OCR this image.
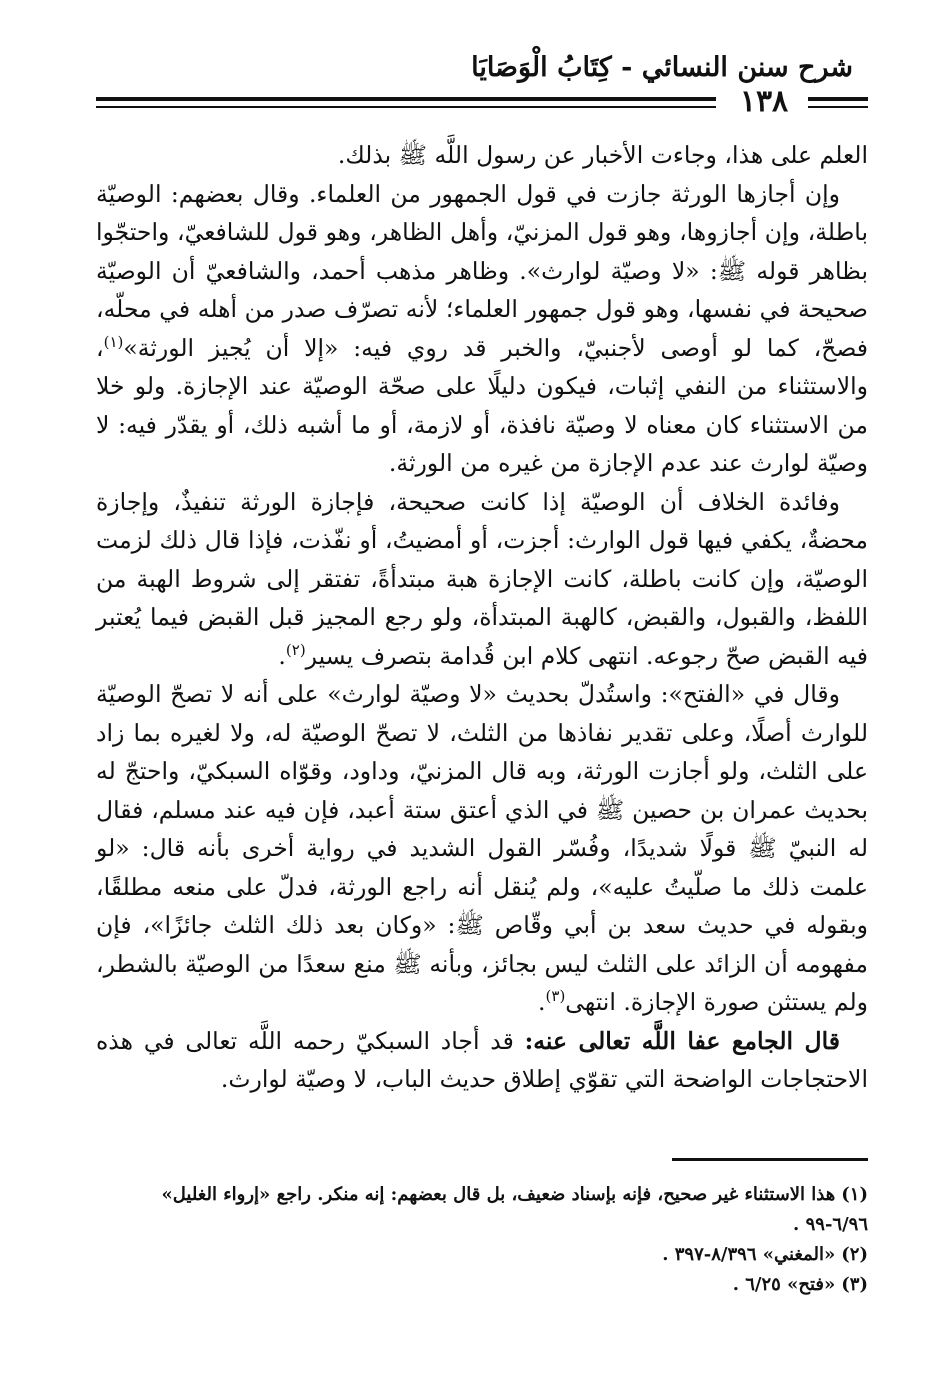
شرح سنن النسائي - كِتَابُ الْوَصَايَا
١٣٨

العلم على هذا، وجاءت الأخبار عن رسول اللَّه ﷺ بذلك.

وإن أجازها الورثة جازت في قول الجمهور من العلماء. وقال بعضهم: الوصيّة باطلة، وإن أجازوها، وهو قول المزنيّ، وأهل الظاهر، وهو قول للشافعيّ، واحتجّوا بظاهر قوله ﷺ: «لا وصيّة لوارث». وظاهر مذهب أحمد، والشافعيّ أن الوصيّة صحيحة في نفسها، وهو قول جمهور العلماء؛ لأنه تصرّف صدر من أهله في محلّه، فصحّ، كما لو أوصى لأجنبيّ، والخبر قد روي فيه: «إلا أن يُجيز الورثة»$^{(١)}$، والاستثناء من النفي إثبات، فيكون دليلًا على صحّة الوصيّة عند الإجازة. ولو خلا من الاستثناء كان معناه لا وصيّة نافذة، أو لازمة، أو ما أشبه ذلك، أو يقدّر فيه: لا وصيّة لوارث عند عدم الإجازة من غيره من الورثة.

وفائدة الخلاف أن الوصيّة إذا كانت صحيحة، فإجازة الورثة تنفيذٌ، وإجازة محضةٌ، يكفي فيها قول الوارث: أجزت، أو أمضيتُ، أو نفّذت، فإذا قال ذلك لزمت الوصيّة، وإن كانت باطلة، كانت الإجازة هبة مبتدأةً، تفتقر إلى شروط الهبة من اللفظ، والقبول، والقبض، كالهبة المبتدأة، ولو رجع المجيز قبل القبض فيما يُعتبر فيه القبض صحّ رجوعه. انتهى كلام ابن قُدامة بتصرف يسير$^{(٢)}$.

وقال في «الفتح»: واستُدلّ بحديث «لا وصيّة لوارث» على أنه لا تصحّ الوصيّة للوارث أصلًا، وعلى تقدير نفاذها من الثلث، لا تصحّ الوصيّة له، ولا لغيره بما زاد على الثلث، ولو أجازت الورثة، وبه قال المزنيّ، وداود، وقوّاه السبكيّ، واحتجّ له بحديث عمران بن حصين ﷺ في الذي أعتق ستة أعبد، فإن فيه عند مسلم، فقال له النبيّ ﷺ قولًا شديدًا، وفُسّر القول الشديد في رواية أخرى بأنه قال: «لو علمت ذلك ما صلّيتُ عليه»، ولم يُنقل أنه راجع الورثة، فدلّ على منعه مطلقًا، وبقوله في حديث سعد بن أبي وقّاص ﷺ: «وكان بعد ذلك الثلث جائزًا»، فإن مفهومه أن الزائد على الثلث ليس بجائز، وبأنه ﷺ منع سعدًا من الوصيّة بالشطر، ولم يستثن صورة الإجازة. انتهى$^{(٣)}$.

قال الجامع عفا اللَّه تعالى عنه: قد أجاد السبكيّ رحمه اللَّه تعالى في هذه الاحتجاجات الواضحة التي تقوّي إطلاق حديث الباب، لا وصيّة لوارث.

(١)هذا الاستثناء غير صحيح، فإنه بإسناد ضعيف، بل قال بعضهم: إنه منكر. راجع «إرواء الغليل» ٦/٩٦-٩٩ .

(٢)«المغني» ٨/٣٩٦-٣٩٧ .

(٣)«فتح» ٦/٢٥ .
